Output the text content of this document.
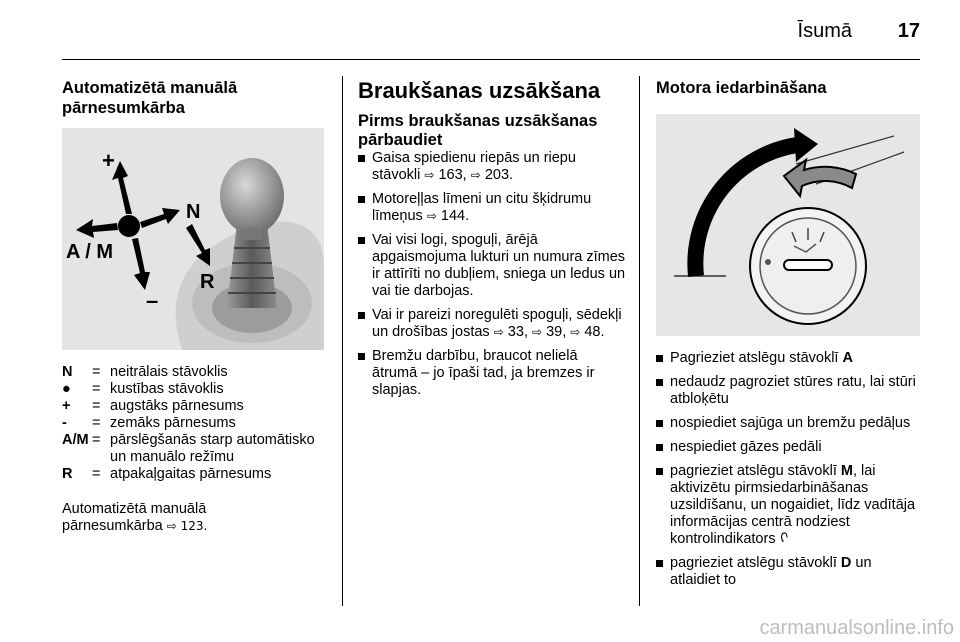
Īsumā 17
Automatizētā manuālā
pārnesumkārba
+
–
A / M
N
R
N	= neitrālais stāvoklis
●	= kustības stāvoklis
+	= augstāks pārnesums
-	= zemāks pārnesums
A/M = pārslēgšanās starp automātisko un manuālo režīmu
R	= atpakaļgaitas pārnesums

Automatizētā manuālā
pārnesumkārba ⇨ 123.

Braukšanas uzsākšana
Pirms braukšanas uzsākšanas pārbaudiet
Gaisa spiedienu riepās un riepu stāvokli ⇨ 163, ⇨ 203.
Motoreļļas līmeni un citu šķidrumu līmeņus ⇨ 144.
Vai visi logi, spoguļi, ārējā apgaismojuma lukturi un numura zīmes ir attīrīti no dubļiem, sniega un ledus un vai tie darbojas.
Vai ir pareizi noregulēti spoguļi, sēdekļi un drošības jostas ⇨ 33, ⇨ 39, ⇨ 48.
Bremžu darbību, braucot nelielā ātrumā – jo īpaši tad, ja bremzes ir slapjas.
Motora iedarbināšana
Pagrieziet atslēgu stāvoklī A
nedaudz pagroziet stūres ratu, lai stūri atbloķētu
nospiediet sajūga un bremžu pedāļus
nespiediet gāzes pedāli
pagrieziet atslēgu stāvoklī M, lai aktivizētu pirmsiedarbināšanas uzsildīšanu, un nogaidiet, līdz vadītāja informācijas centrā nodziest kontrolindikators ᢉ
pagrieziet atslēgu stāvoklī D un atlaidiet to
carmanualsonline.info
